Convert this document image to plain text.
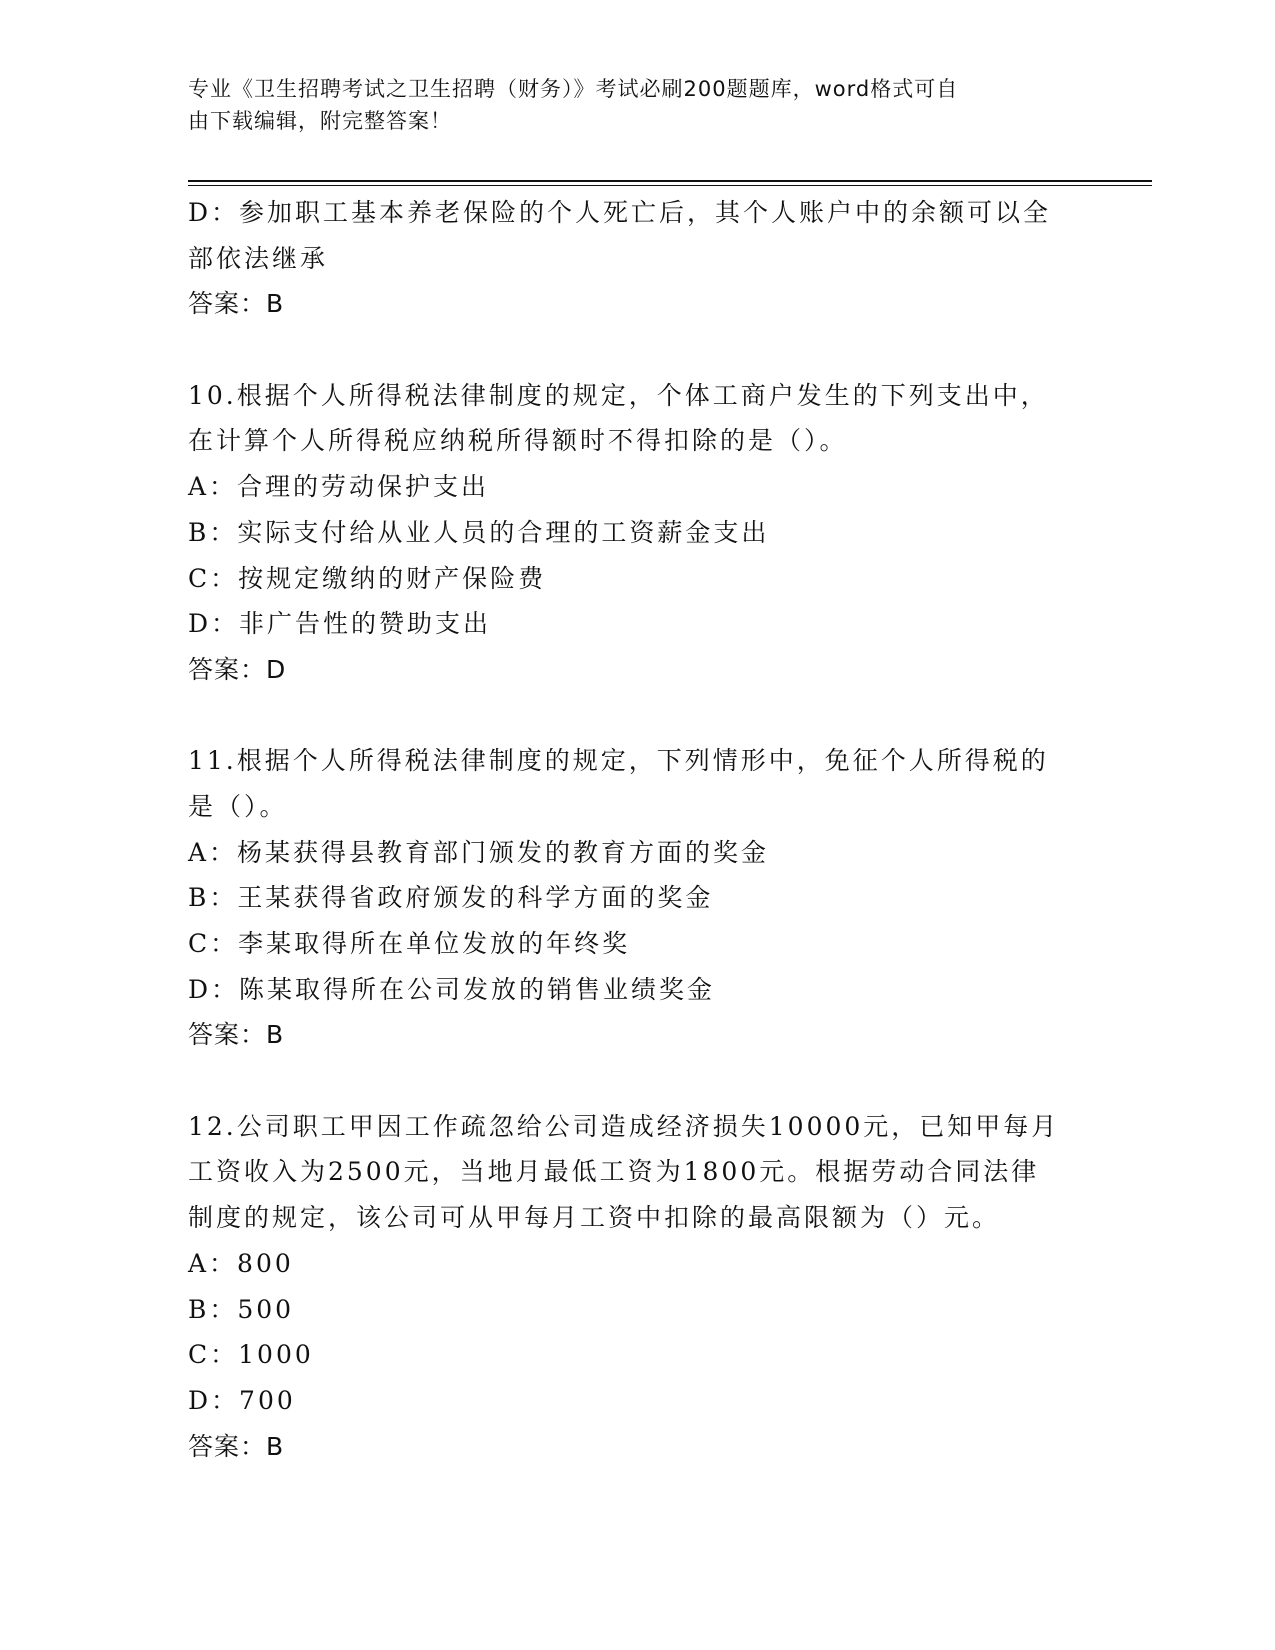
专业《卫生招聘考试之卫生招聘（财务）》考试必刷200题题库，word格式可自
由下载编辑，附完整答案！
D：参加职工基本养老保险的个人死亡后，其个人账户中的余额可以全
部依法继承
答案：B
10.根据个人所得税法律制度的规定，个体工商户发生的下列支出中，
在计算个人所得税应纳税所得额时不得扣除的是（）。
A：合理的劳动保护支出
B：实际支付给从业人员的合理的工资薪金支出
C：按规定缴纳的财产保险费
D：非广告性的赞助支出
答案：D
11.根据个人所得税法律制度的规定，下列情形中，免征个人所得税的
是（）。
A：杨某获得县教育部门颁发的教育方面的奖金
B：王某获得省政府颁发的科学方面的奖金
C：李某取得所在单位发放的年终奖
D：陈某取得所在公司发放的销售业绩奖金
答案：B
12.公司职工甲因工作疏忽给公司造成经济损失10000元，已知甲每月
工资收入为2500元，当地月最低工资为1800元。根据劳动合同法律
制度的规定，该公司可从甲每月工资中扣除的最高限额为（）元。
A：800
B：500
C：1000
D：700
答案：B
